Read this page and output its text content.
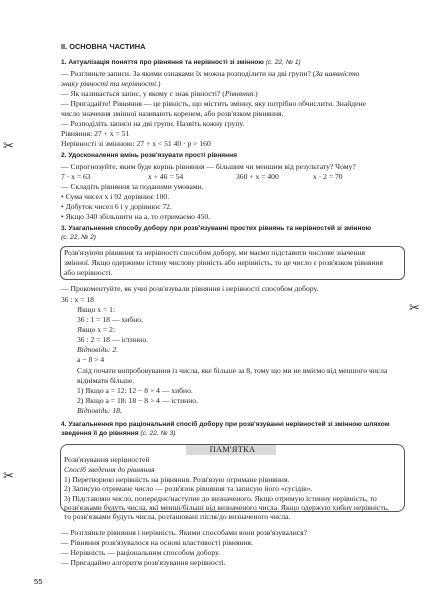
✂
✂
✂
ІІ. ОСНОВНА ЧАСТИНА
1. Актуалізація поняття про рівняння та нерівності зі змінною (с. 22, № 1)
— Розгляньте записи. За якими ознаками їх можна розподілити на дві групи? (За наявністю
знаку рівності та нерівності.)
— Як називається запис, у якому є знак рівності? (Рівняння.)
— Пригадайте! Рівняння — це рівність, що містить змінну, яку потрібно обчислити. Знайдене
число значення змінної називають коренем, або розв'язком рівняння.
— Розподіліть записи на дві групи. Назвіть кожну групу.
Рівняння: 27 + x = 51
Нерівності зі змінною: 27 + x < 51 40 · p > 160
2. Удосконалення вмінь розв'язувати прості рівняння
— Спрогнозуйте, яким буде корінь рівняння — більшим чи меншим від результату? Чому?
7 · x = 63	x + 46 = 54	360 + x = 400	x · 2 = 70
— Складіть рівняння за поданими умовами.
• Сума чисел x і 92 дорівнює 100.
• Добуток чисел 6 і y дорівнює 72.
• Якщо 340 збільшити на a, то отримаємо 450.
3. Узагальнення способу добору при розв'язуванні простих рівнянь та нерівностей зі змінною
(с. 22, № 2)
Розв'язуючи рівняння та нерівності способом добору, ми маємо підставити числове значення
змінної. Якщо одержимо істину числову рівність або нерівність, то це число є розв'язком рівняння
або нерівності.
— Прокоментуйте, як учні розв'язували рівняння і нерівності способом добору.
36 : x = 18
Якщо x = 1:
36 : 1 = 18 — хибно.
Якщо x = 2:
36 : 2 = 18 — істинно.
Відповідь: 2.
a − 8 > 4
Слід почати випробовування із числа, яке більше за 8, тому що ми не вміємо від меншого числа
віднімати більше.
1) Якщо a = 12: 12 − 8 > 4 — хибно.
2) Якщо a = 18: 18 − 8 > 4 — істинно.
Відповідь: 18.
4. Узагальнення про раціональний спосіб добору при розв'язуванні нерівностей зі змінною шляхом
зведення її до рівняння (с. 22, № 3)
ПАМ'ЯТКА
Розв'язування нерівностей
Спосіб зведення до рівняння
1) Перетворюю нерівність на рівняння. Розв'язую отримане рівняння.
2) Записую отримане число — розв'язок рівняння та записую його «сусідів».
3) Підставляю число, попереднє/наступне до визначеного. Якщо отримую істинну нерівність, то
розв'язками будуть числа, які менші/більші від визначеного числа. Якщо одержую хибну нерівність,
то розв'язками будуть числа, розташовані після/до визначеного числа.
— Розгляньте рівняння і нерівність. Якими способами вони розв'язувалися?
— Рівняння розв'язувалося на основі властивості рівняння.
— Нерівність — раціональним способом добору.
— Пригадаймо алгоритм розв'язування нерівності.
55
